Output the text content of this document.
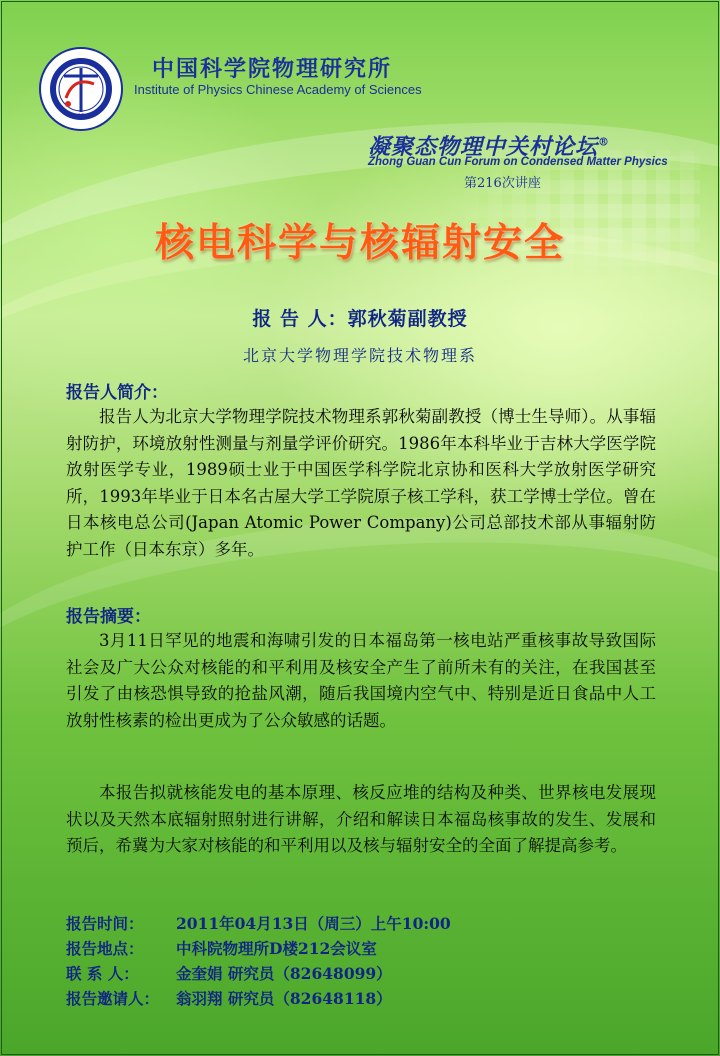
1958
中国科学院物理研究所
Institute of Physics Chinese Academy of Sciences
凝聚态物理中关村论坛®
Zhong Guan Cun Forum on Condensed Matter Physics
第216次讲座
核电科学与核辐射安全
报 告 人：郭秋菊副教授
北京大学物理学院技术物理系
报告人简介：
报告人为北京大学物理学院技术物理系郭秋菊副教授（博士生导师）。从事辐射防护，环境放射性测量与剂量学评价研究。1986年本科毕业于吉林大学医学院放射医学专业，1989硕士业于中国医学科学院北京协和医科大学放射医学研究所，1993年毕业于日本名古屋大学工学院原子核工学科，获工学博士学位。曾在日本核电总公司(Japan Atomic Power Company)公司总部技术部从事辐射防护工作（日本东京）多年。
报告摘要：
3月11日罕见的地震和海啸引发的日本福岛第一核电站严重核事故导致国际社会及广大公众对核能的和平利用及核安全产生了前所未有的关注，在我国甚至引发了由核恐惧导致的抢盐风潮，随后我国境内空气中、特别是近日食品中人工放射性核素的检出更成为了公众敏感的话题。
本报告拟就核能发电的基本原理、核反应堆的结构及种类、世界核电发展现状以及天然本底辐射照射进行讲解，介绍和解读日本福岛核事故的发生、发展和预后，希冀为大家对核能的和平利用以及核与辐射安全的全面了解提高参考。
报告时间： 2011年04月13日（周三）上午10:00
报告地点： 中科院物理所D楼212会议室
联 系 人： 金奎娟 研究员（82648099）
报告邀请人： 翁羽翔 研究员（82648118）
